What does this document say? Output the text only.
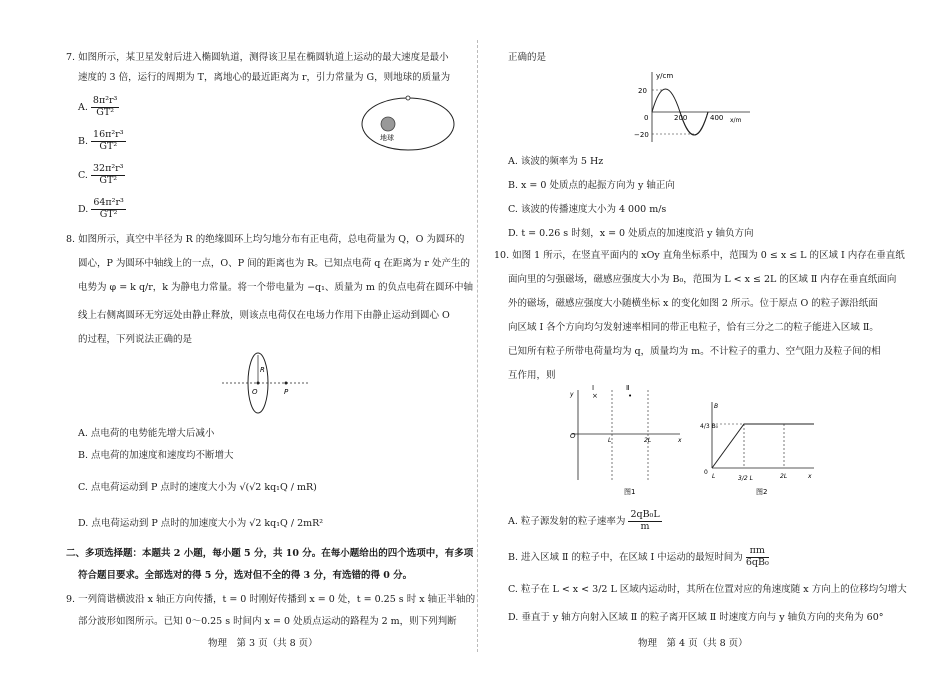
7. 如图所示，某卫星发射后进入椭圆轨道，测得该卫星在椭圆轨道上运动的最大速度是最小
速度的 3 倍，运行的周期为 T，离地心的最近距离为 r，引力常量为 G，则地球的质量为
A. $\frac{\text{8π²r³}}{\text{GT²}}$
B. $\frac{\text{16π²r³}}{\text{GT²}}$
C. $\frac{\text{32π²r³}}{\text{GT²}}$
D. $\frac{\text{64π²r³}}{\text{GT²}}$
地球
8. 如图所示，真空中半径为 R 的绝缘圆环上均匀地分布有正电荷，总电荷量为 Q，O 为圆环的
圆心，P 为圆环中轴线上的一点，O、P 间的距离也为 R。已知点电荷 q 在距离为 r 处产生的
电势为 φ = k q/r，k 为静电力常量。将一个带电量为 −q₁、质量为 m 的负点电荷在圆环中轴
线上右侧离圆环无穷远处由静止释放，则该点电荷仅在电场力作用下由静止运动到圆心 O
的过程，下列说法正确的是
R
O	P
A. 点电荷的电势能先增大后减小
B. 点电荷的加速度和速度均不断增大
C. 点电荷运动到 P 点时的速度大小为 √(√2 kq₁Q / mR)
D. 点电荷运动到 P 点时的加速度大小为 √2 kq₁Q / 2mR²
二、多项选择题：本题共 2 小题，每小题 5 分，共 10 分。在每小题给出的四个选项中，有多项
符合题目要求。全部选对的得 5 分，选对但不全的得 3 分，有选错的得 0 分。
9. 一列简谐横波沿 x 轴正方向传播，t = 0 时刚好传播到 x = 0 处，t = 0.25 s 时 x 轴正半轴的
部分波形如图所示。已知 0～0.25 s 时间内 x = 0 处质点运动的路程为 2 m，则下列判断
物理　第 3 页（共 8 页）
正确的是
y/cm
20
−20
0	200	400 x/m
A. 该波的频率为 5 Hz
B. x = 0 处质点的起振方向为 y 轴正向
C. 该波的传播速度大小为 4 000 m/s
D. t = 0.26 s 时刻，x = 0 处质点的加速度沿 y 轴负方向
10. 如图 1 所示，在竖直平面内的 xOy 直角坐标系中，范围为 0 ≤ x ≤ L 的区域 Ⅰ 内存在垂直纸
面向里的匀强磁场，磁感应强度大小为 B₀，范围为 L < x ≤ 2L 的区域 Ⅱ 内存在垂直纸面向
外的磁场，磁感应强度大小随横坐标 x 的变化如图 2 所示。位于原点 O 的粒子源沿纸面
向区域 Ⅰ 各个方向均匀发射速率相同的带正电粒子，恰有三分之二的粒子能进入区域 Ⅱ。
已知所有粒子所带电荷量均为 q，质量均为 m。不计粒子的重力、空气阻力及粒子间的相
互作用，则
Ⅰ
×
Ⅱ
•
y
O
L	2L	x
图1
4/3 B₀
B
0
L	3/2 L	2L	x
图2
A. 粒子源发射的粒子速率为 $\frac{\text{2qB₀L}}{m}$
B. 进入区域 Ⅱ 的粒子中，在区域 Ⅰ 中运动的最短时间为 $\frac{\pi m}{\text{6qB₀}}$
C. 粒子在 L < x < 3/2 L 区域内运动时，其所在位置对应的角速度随 x 方向上的位移均匀增大
D. 垂直于 y 轴方向射入区域 Ⅱ 的粒子离开区域 Ⅱ 时速度方向与 y 轴负方向的夹角为 60°
物理　第 4 页（共 8 页）
